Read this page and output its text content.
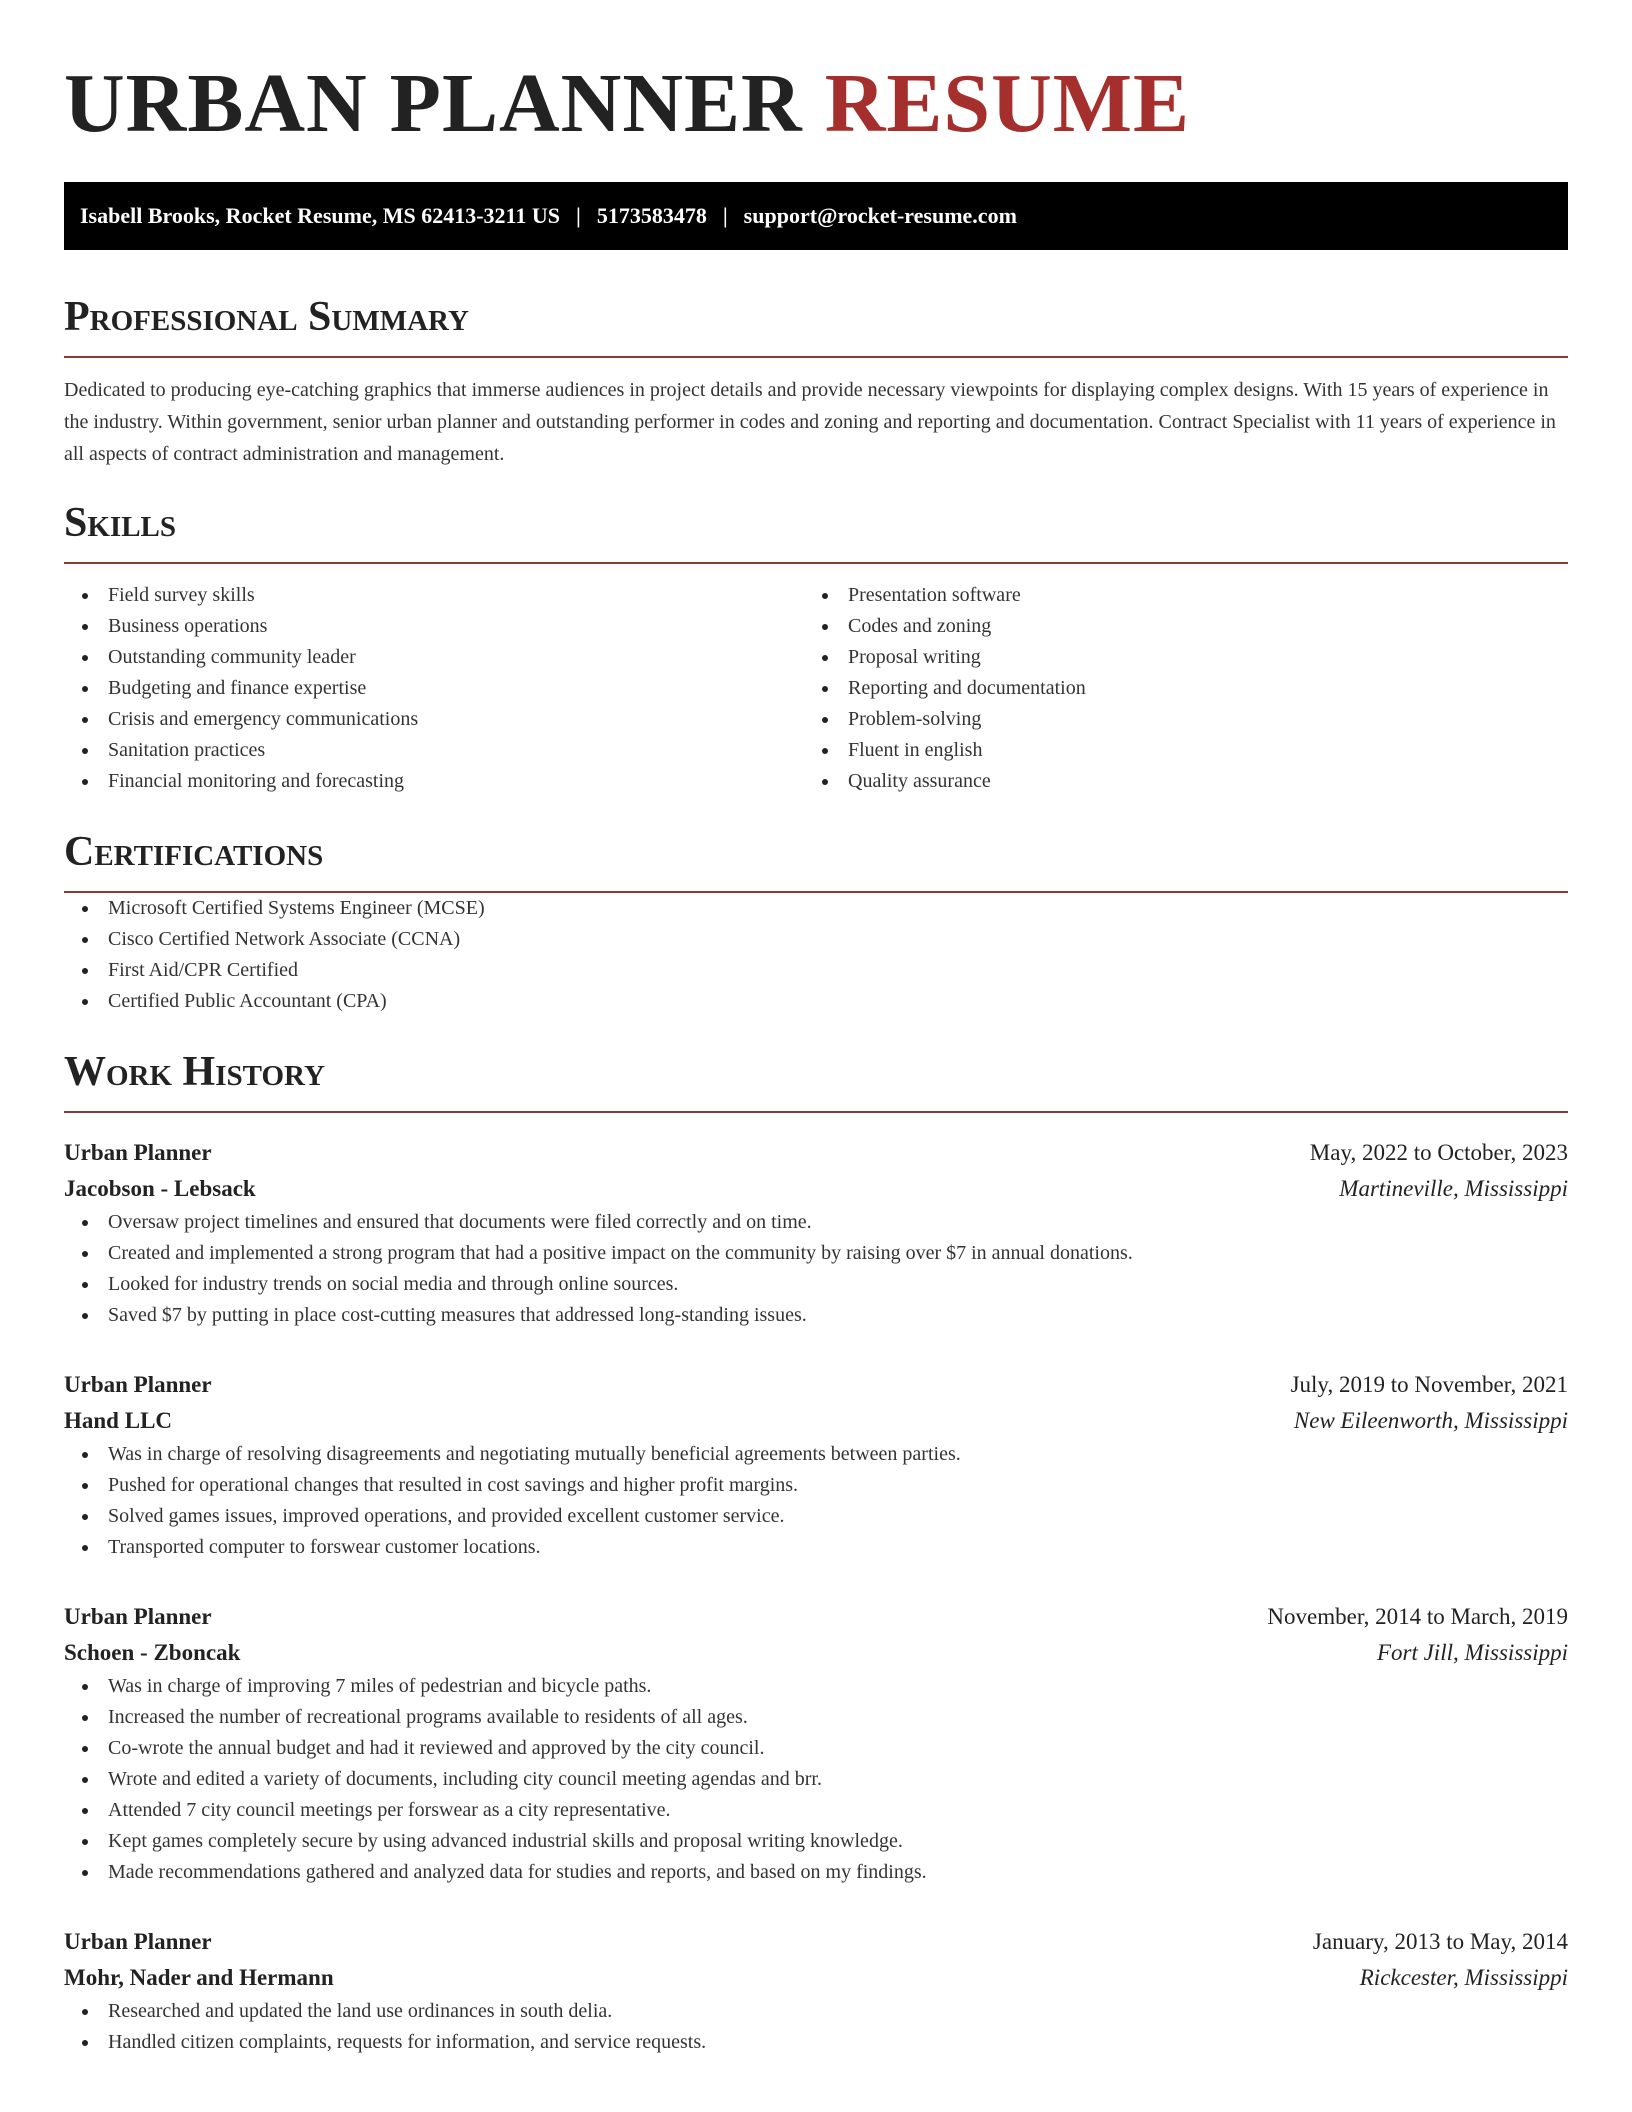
URBAN PLANNER RESUME
Isabell Brooks, Rocket Resume, MS 62413-3211 US | 5173583478 | support@rocket-resume.com
Professional Summary

Dedicated to producing eye-catching graphics that immerse audiences in project details and provide necessary viewpoints for displaying complex designs. With 15 years of experience in the industry. Within government, senior urban planner and outstanding performer in codes and zoning and reporting and documentation. Contract Specialist with 11 years of experience in all aspects of contract administration and management.

Skills
Field survey skills
Business operations
Outstanding community leader
Budgeting and finance expertise
Crisis and emergency communications
Sanitation practices
Financial monitoring and forecasting
Presentation software
Codes and zoning
Proposal writing
Reporting and documentation
Problem-solving
Fluent in english
Quality assurance
Certifications
Microsoft Certified Systems Engineer (MCSE)
Cisco Certified Network Associate (CCNA)
First Aid/CPR Certified
Certified Public Accountant (CPA)
Work History
Urban Planner	May, 2022 to October, 2023
Jacobson - Lebsack	Martineville, Mississippi
Oversaw project timelines and ensured that documents were filed correctly and on time.
Created and implemented a strong program that had a positive impact on the community by raising over $7 in annual donations.
Looked for industry trends on social media and through online sources.
Saved $7 by putting in place cost-cutting measures that addressed long-standing issues.
Urban Planner	July, 2019 to November, 2021
Hand LLC	New Eileenworth, Mississippi
Was in charge of resolving disagreements and negotiating mutually beneficial agreements between parties.
Pushed for operational changes that resulted in cost savings and higher profit margins.
Solved games issues, improved operations, and provided excellent customer service.
Transported computer to forswear customer locations.
Urban Planner	November, 2014 to March, 2019
Schoen - Zboncak	Fort Jill, Mississippi
Was in charge of improving 7 miles of pedestrian and bicycle paths.
Increased the number of recreational programs available to residents of all ages.
Co-wrote the annual budget and had it reviewed and approved by the city council.
Wrote and edited a variety of documents, including city council meeting agendas and brr.
Attended 7 city council meetings per forswear as a city representative.
Kept games completely secure by using advanced industrial skills and proposal writing knowledge.
Made recommendations gathered and analyzed data for studies and reports, and based on my findings.
Urban Planner	January, 2013 to May, 2014
Mohr, Nader and Hermann	Rickcester, Mississippi
Researched and updated the land use ordinances in south delia.
Handled citizen complaints, requests for information, and service requests.
